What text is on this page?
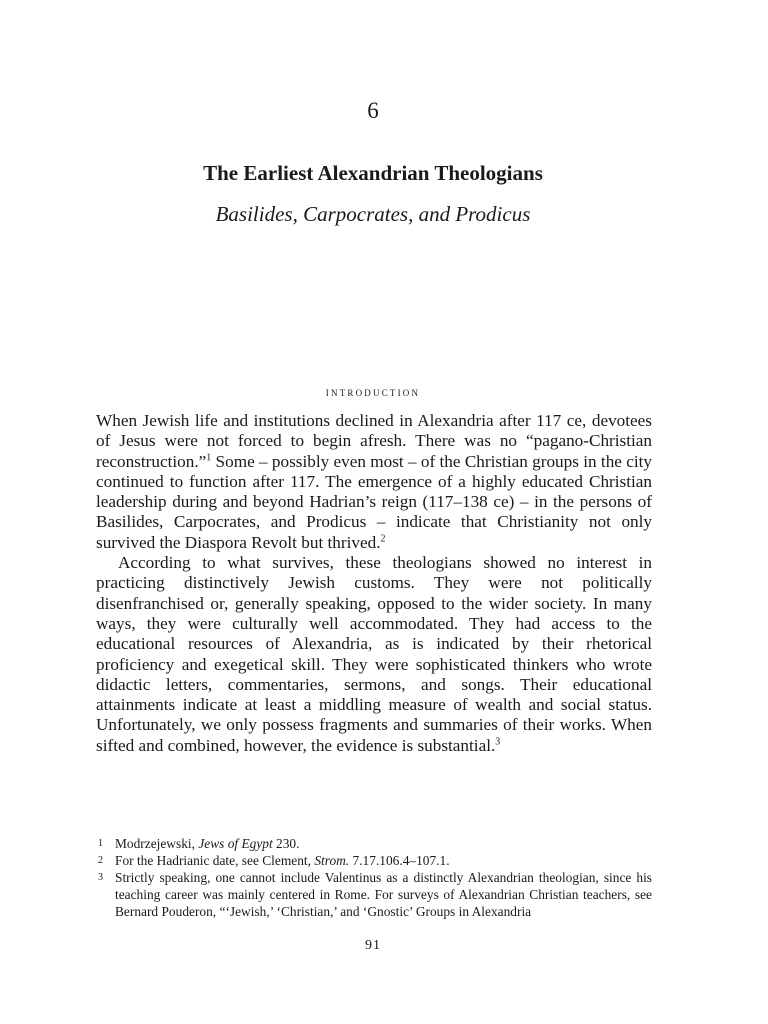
6
The Earliest Alexandrian Theologians
Basilides, Carpocrates, and Prodicus
introduction

When Jewish life and institutions declined in Alexandria after 117 ce, devotees of Jesus were not forced to begin afresh. There was no “pagano-Christian reconstruction.”$^1$ Some – possibly even most – of the Christian groups in the city continued to function after 117. The emergence of a highly educated Christian leadership during and beyond Hadrian’s reign (117–138 ce) – in the persons of Basilides, Carpocrates, and Prodicus – indicate that Christianity not only survived the Diaspora Revolt but thrived.$^2$

According to what survives, these theologians showed no interest in practicing distinctively Jewish customs. They were not politically disenfranchised or, generally speaking, opposed to the wider society. In many ways, they were culturally well accommodated. They had access to the educational resources of Alexandria, as is indicated by their rhetorical proficiency and exegetical skill. They were sophisticated thinkers who wrote didactic letters, commentaries, sermons, and songs. Their educational attainments indicate at least a middling measure of wealth and social status. Unfortunately, we only possess fragments and summaries of their works. When sifted and combined, however, the evidence is substantial.$^3$

1 Modrzejewski, Jews of Egypt 230.
2 For the Hadrianic date, see Clement, Strom. 7.17.106.4–107.1.
3 Strictly speaking, one cannot include Valentinus as a distinctly Alexandrian theologian, since his teaching career was mainly centered in Rome. For surveys of Alexandrian Christian teachers, see Bernard Pouderon, “‘Jewish,’ ‘Christian,’ and ‘Gnostic’ Groups in Alexandria
91
